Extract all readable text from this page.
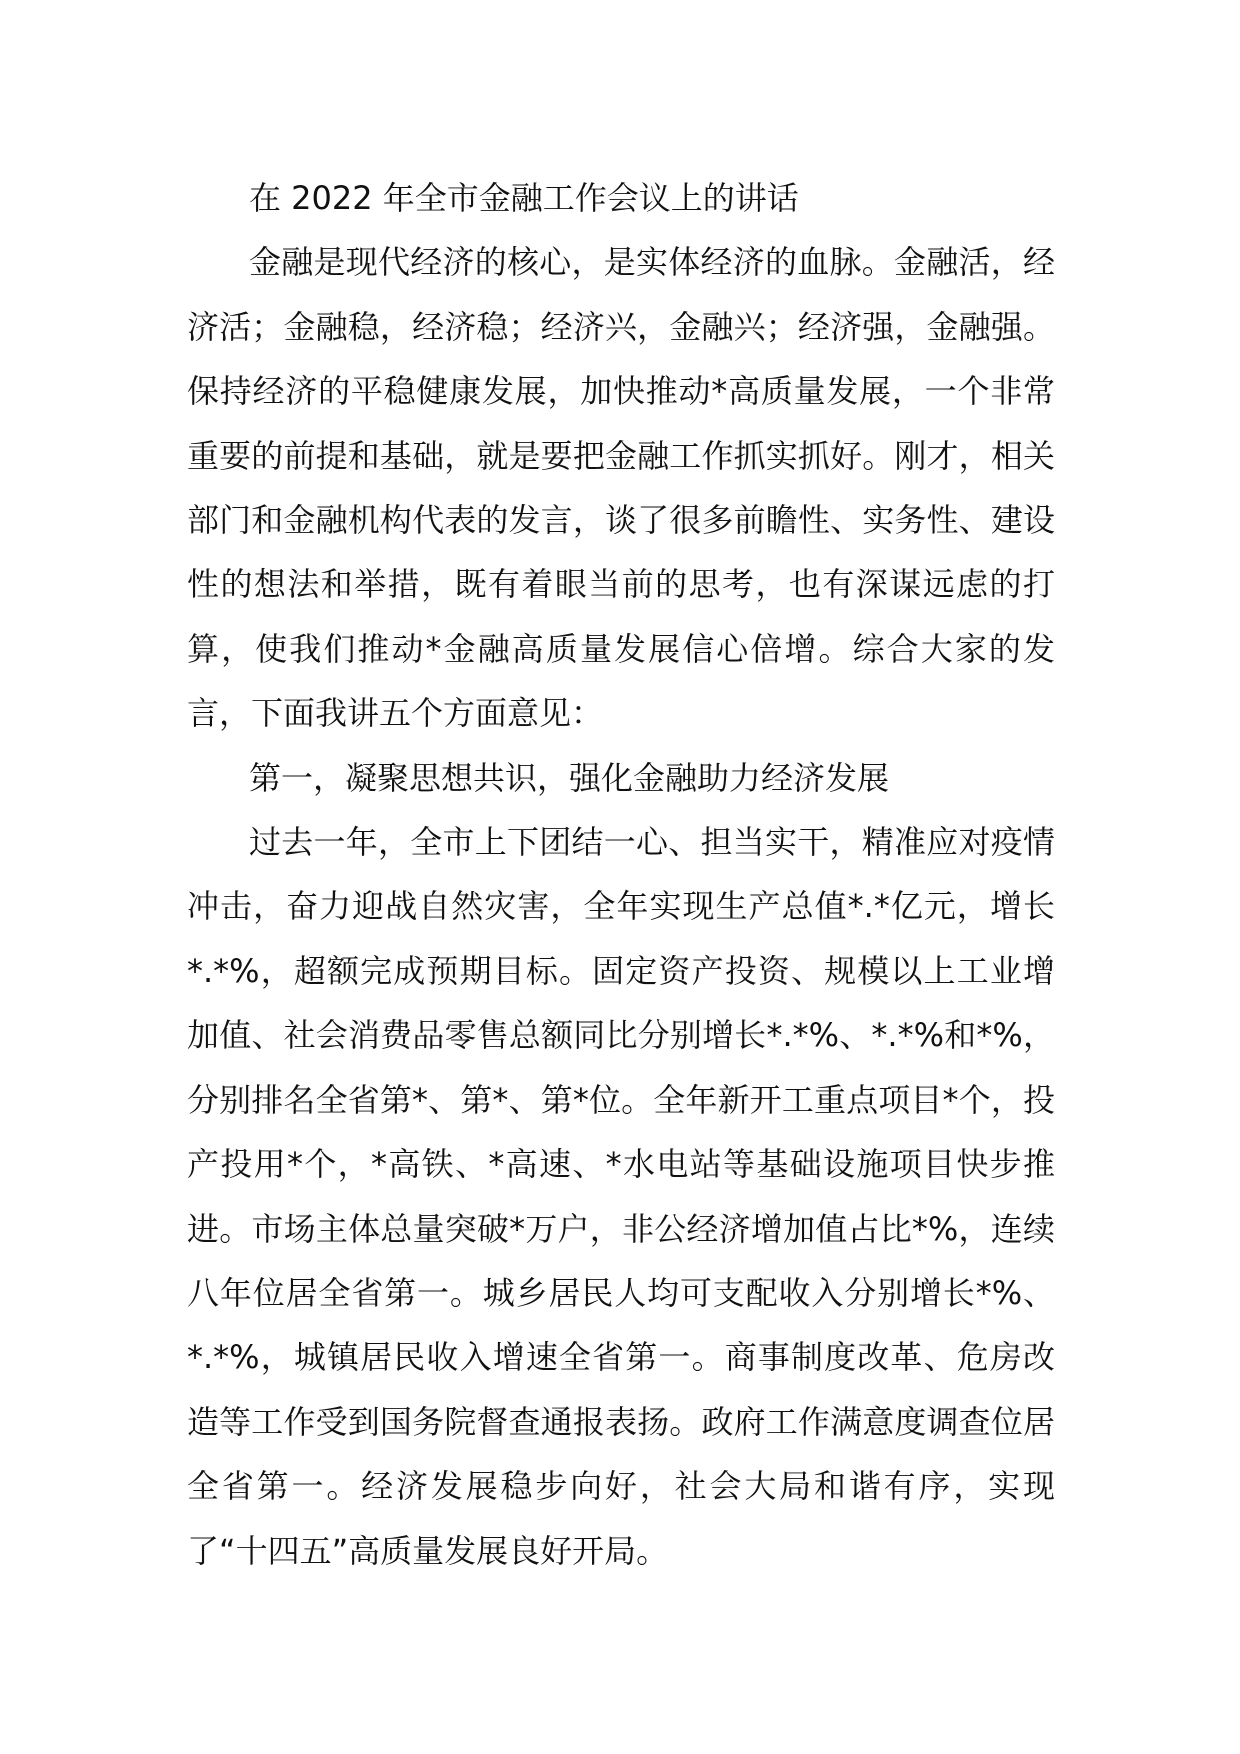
在 2022 年全市金融工作会议上的讲话

金融是现代经济的核心，是实体经济的血脉。金融活，经济活；金融稳，经济稳；经济兴，金融兴；经济强，金融强。保持经济的平稳健康发展，加快推动*高质量发展，一个非常重要的前提和基础，就是要把金融工作抓实抓好。刚才，相关部门和金融机构代表的发言，谈了很多前瞻性、实务性、建设性的想法和举措，既有着眼当前的思考，也有深谋远虑的打算，使我们推动*金融高质量发展信心倍增。综合大家的发言，下面我讲五个方面意见：

第一，凝聚思想共识，强化金融助力经济发展

过去一年，全市上下团结一心、担当实干，精准应对疫情冲击，奋力迎战自然灾害，全年实现生产总值*.*亿元，增长*.*%，超额完成预期目标。固定资产投资、规模以上工业增加值、社会消费品零售总额同比分别增长*.*%、*.*%和*%，分别排名全省第*、第*、第*位。全年新开工重点项目*个，投产投用*个，*高铁、*高速、*水电站等基础设施项目快步推进。市场主体总量突破*万户，非公经济增加值占比*%，连续八年位居全省第一。城乡居民人均可支配收入分别增长*%、*.*%，城镇居民收入增速全省第一。商事制度改革、危房改造等工作受到国务院督查通报表扬。政府工作满意度调查位居全省第一。经济发展稳步向好，社会大局和谐有序，实现了“十四五”高质量发展良好开局。
